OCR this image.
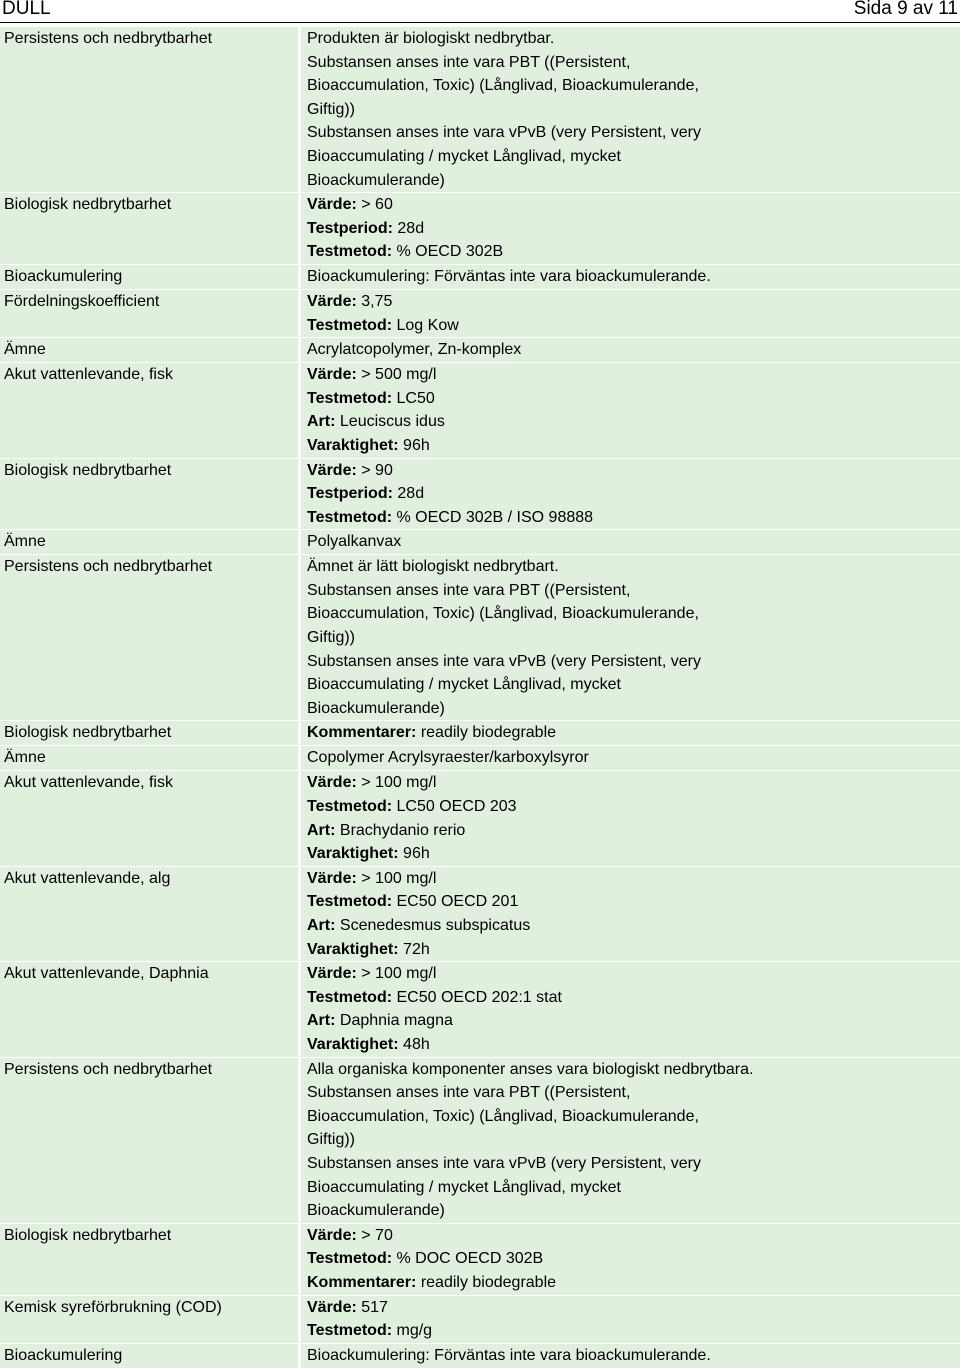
DULL	Sida 9 av 11
Persistens och nedbrytbarhet	Produkten är biologiskt nedbrytbar.
Substansen anses inte vara PBT ((Persistent,
Bioaccumulation, Toxic) (Långlivad, Bioackumulerande,
Giftig))
Substansen anses inte vara vPvB (very Persistent, very
Bioaccumulating / mycket Långlivad, mycket
Bioackumulerande)
Biologisk nedbrytbarhet	Värde: > 60
Testperiod: 28d
Testmetod: % OECD 302B
Bioackumulering	Bioackumulering: Förväntas inte vara bioackumulerande.
Fördelningskoefficient	Värde: 3,75
Testmetod: Log Kow
Ämne	Acrylatcopolymer, Zn-komplex
Akut vattenlevande, fisk	Värde: > 500 mg/l
Testmetod: LC50
Art: Leuciscus idus
Varaktighet: 96h
Biologisk nedbrytbarhet	Värde: > 90
Testperiod: 28d
Testmetod: % OECD 302B / ISO 98888
Ämne	Polyalkanvax
Persistens och nedbrytbarhet	Ämnet är lätt biologiskt nedbrytbart.
Substansen anses inte vara PBT ((Persistent,
Bioaccumulation, Toxic) (Långlivad, Bioackumulerande,
Giftig))
Substansen anses inte vara vPvB (very Persistent, very
Bioaccumulating / mycket Långlivad, mycket
Bioackumulerande)
Biologisk nedbrytbarhet	Kommentarer: readily biodegrable
Ämne	Copolymer Acrylsyraester/karboxylsyror
Akut vattenlevande, fisk	Värde: > 100 mg/l
Testmetod: LC50 OECD 203
Art: Brachydanio rerio
Varaktighet: 96h
Akut vattenlevande, alg	Värde: > 100 mg/l
Testmetod: EC50 OECD 201
Art: Scenedesmus subspicatus
Varaktighet: 72h
Akut vattenlevande, Daphnia	Värde: > 100 mg/l
Testmetod: EC50 OECD 202:1 stat
Art: Daphnia magna
Varaktighet: 48h
Persistens och nedbrytbarhet	Alla organiska komponenter anses vara biologiskt nedbrytbara.
Substansen anses inte vara PBT ((Persistent,
Bioaccumulation, Toxic) (Långlivad, Bioackumulerande,
Giftig))
Substansen anses inte vara vPvB (very Persistent, very
Bioaccumulating / mycket Långlivad, mycket
Bioackumulerande)
Biologisk nedbrytbarhet	Värde: > 70
Testmetod: % DOC OECD 302B
Kommentarer: readily biodegrable
Kemisk syreförbrukning (COD)	Värde: 517
Testmetod: mg/g
Bioackumulering	Bioackumulering: Förväntas inte vara bioackumulerande.
